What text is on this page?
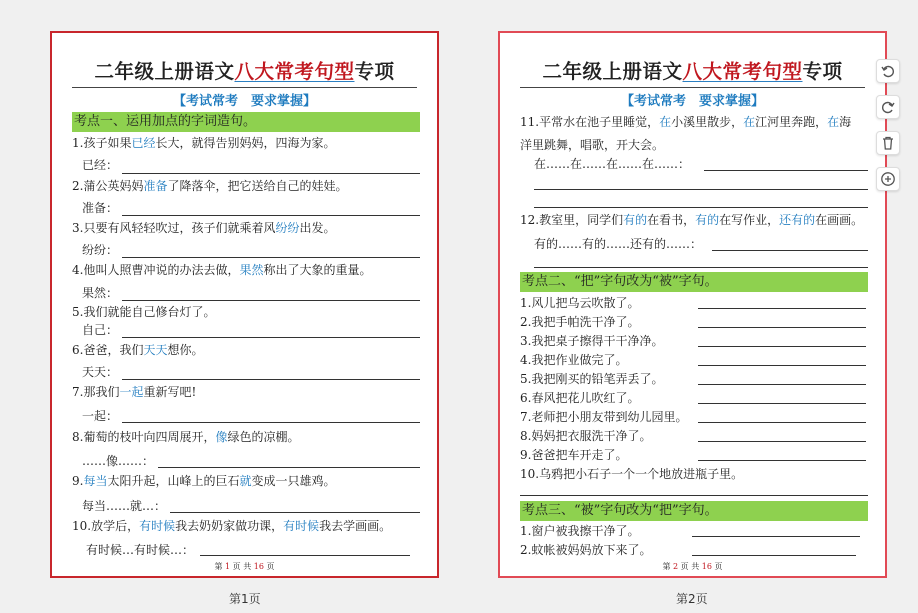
二年级上册语文八大常考句型专项
【考试常考　要求掌握】
考点一、运用加点的字词造句。
1.孩子如果已经长大，就得告别妈妈，四海为家。
已经：
2.蒲公英妈妈准备了降落伞，把它送给自己的娃娃。
准备：
3.只要有风轻轻吹过，孩子们就乘着风纷纷出发。
纷纷：
4.他叫人照曹冲说的办法去做，果然称出了大象的重量。
果然：
5.我们就能自己修台灯了。
自己：
6.爸爸，我们天天想你。
天天：
7.那我们一起重新写吧!
一起：
8.葡萄的枝叶向四周展开，像绿色的凉棚。
……像……：
9.每当太阳升起，山峰上的巨石就变成一只雄鸡。
每当……就…：
10.放学后，有时候我去奶奶家做功课，有时候我去学画画。
有时候…有时候…：
第 1 页 共 16 页
二年级上册语文八大常考句型专项
【考试常考　要求掌握】
11.平常水在池子里睡觉，在小溪里散步，在江河里奔跑，在海
洋里跳舞，唱歌，开大会。
在……在……在……在……：
12.教室里，同学们有的在看书，有的在写作业，还有的在画画。
有的……有的……还有的……：
考点二、“把”字句改为“被”字句。
1.风儿把乌云吹散了。
2.我把手帕洗干净了。
3.我把桌子擦得干干净净。
4.我把作业做完了。
5.我把刚买的铅笔弄丢了。
6.春风把花儿吹红了。
7.老师把小朋友带到幼儿园里。
8.妈妈把衣服洗干净了。
9.爸爸把车开走了。
10.乌鸦把小石子一个一个地放进瓶子里。
考点三、“被”字句改为“把”字句。
1.窗户被我擦干净了。
2.蚊帐被妈妈放下来了。
第 2 页 共 16 页
第1页	第2页
